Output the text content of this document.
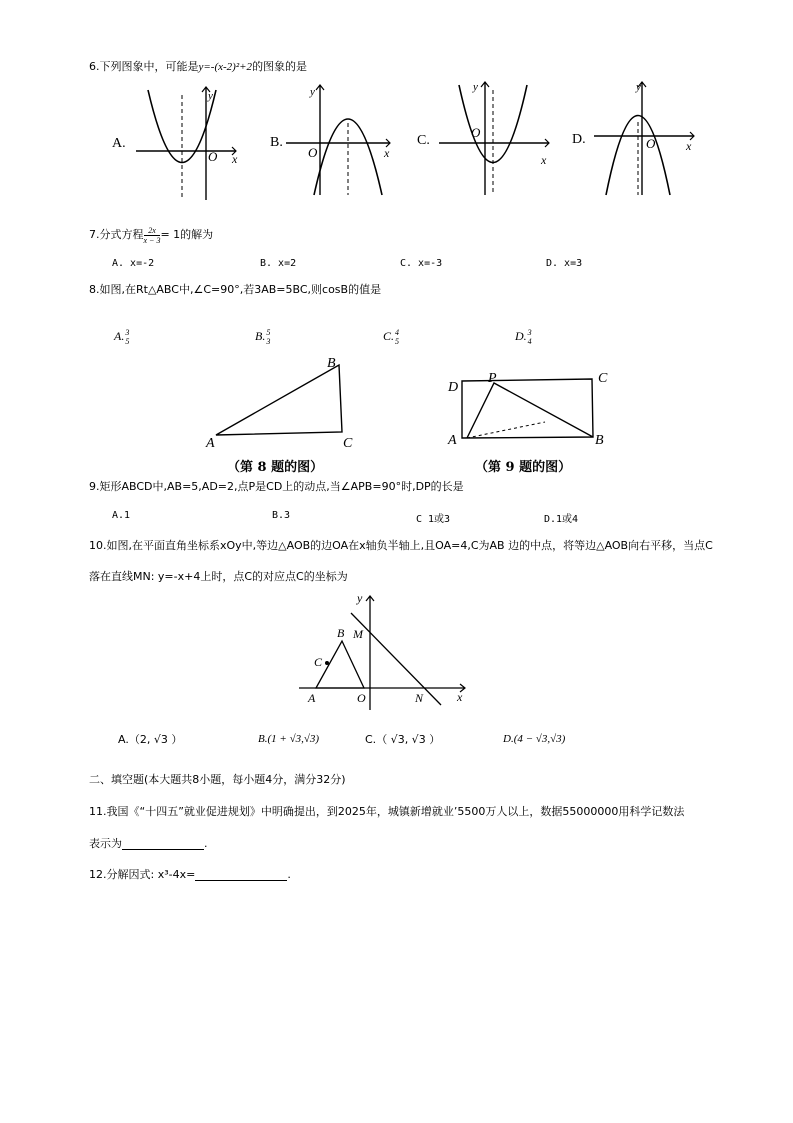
6.下列图象中，可能是y=-(x-2)²+2的图象的是
A.
O x
y
B.
O	x
y
C.
O
x
y
D.	O	x
y
7.分式方程 $\frac{2x}{x - 3} = 1$的解为
A. x=-2	B. x=2	C. x=-3	D. x=3
8.如图,在Rt△ABC中,∠C=90°,若3AB=5BC,则cosB的值是
A. 3
5	B. 5
3	C. 4
5	D. 3
4
A
B
C
（第 8 题的图）
D
P	C
A	B
（第 9 题的图）
9.矩形ABCD中,AB=5,AD=2,点P是CD上的动点,当∠APB=90°时,DP的长是
A.1	B.3	C 1或3	D.1或4
10.如图,在平面直角坐标系xOy中,等边△AOB的边OA在x轴负半轴上,且OA=4,C为AB 边的中点，将等边△AOB向右平移，当点C
落在直线MN: y=-x+4上时，点C的对应点C的坐标为
y
x
M
B
C
A	O	N
A.（2, √3 ）	B.(1 + √3,√3)	C.（ √3, √3 ）	D.(4 − √3,√3)
二、填空题(本大题共8小题，每小题4分，满分32分)
11.我国《“十四五”就业促进规划》中明确提出，到2025年，城镇新增就业’5500万人以上，数据55000000用科学记数法
表示为	.
12.分解因式: x³-4x=	.
